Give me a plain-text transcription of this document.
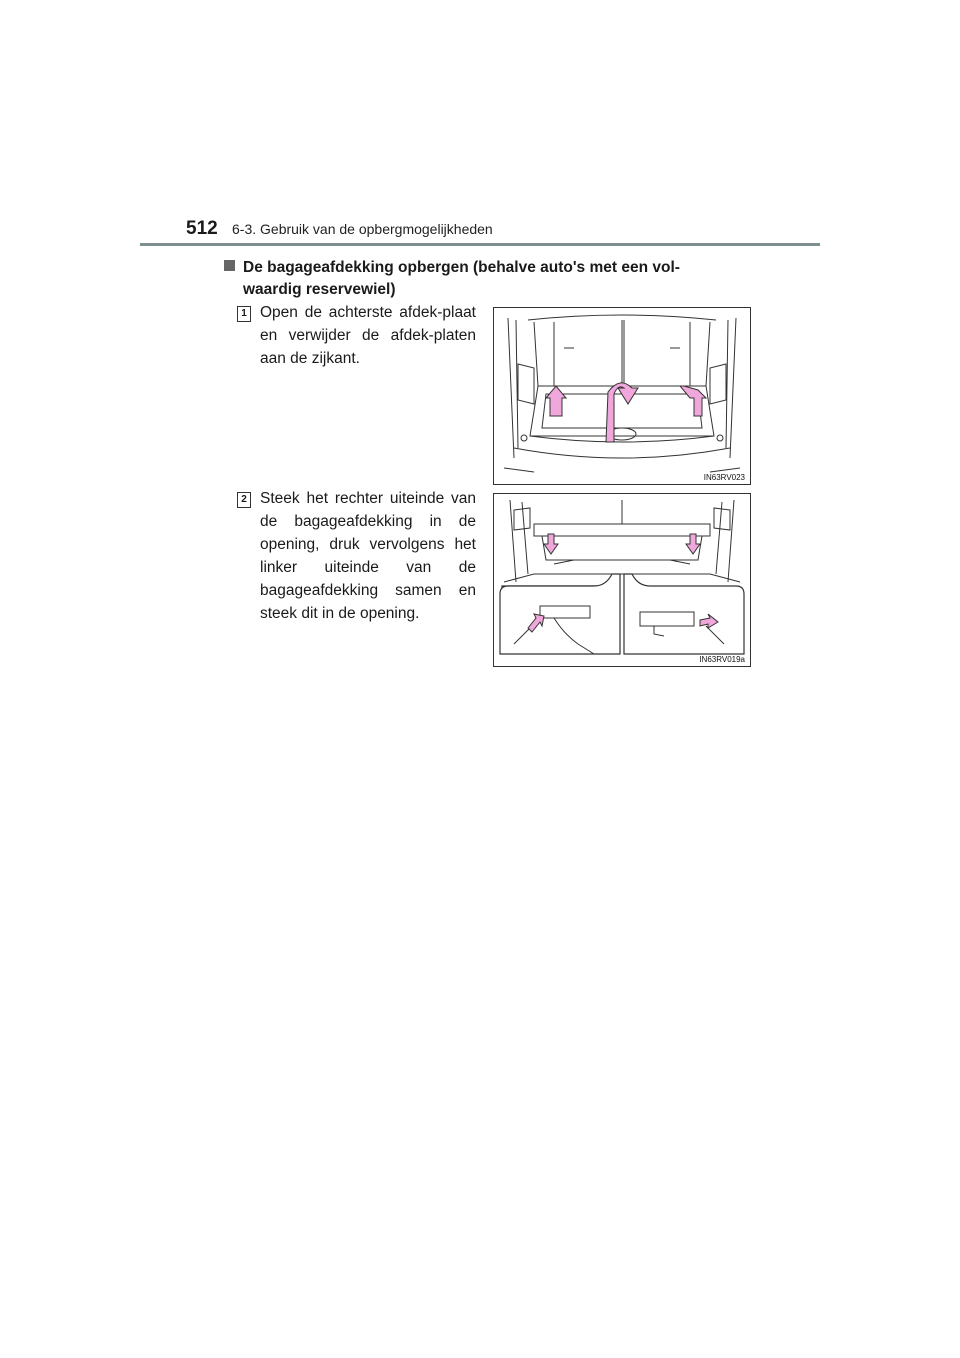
512 6-3. Gebruik van de opbergmogelijkheden
De bagageafdekking opbergen (behalve auto's met een vol-
waardig reservewiel)
1 Open de achterste afdek-plaat en verwijder de afdek-platen aan de zijkant.
IN63RV023
2 Steek het rechter uiteinde van de bagageafdekking in de opening, druk vervolgens het linker uiteinde van de bagageafdekking samen en steek dit in de opening.
IN63RV019a
